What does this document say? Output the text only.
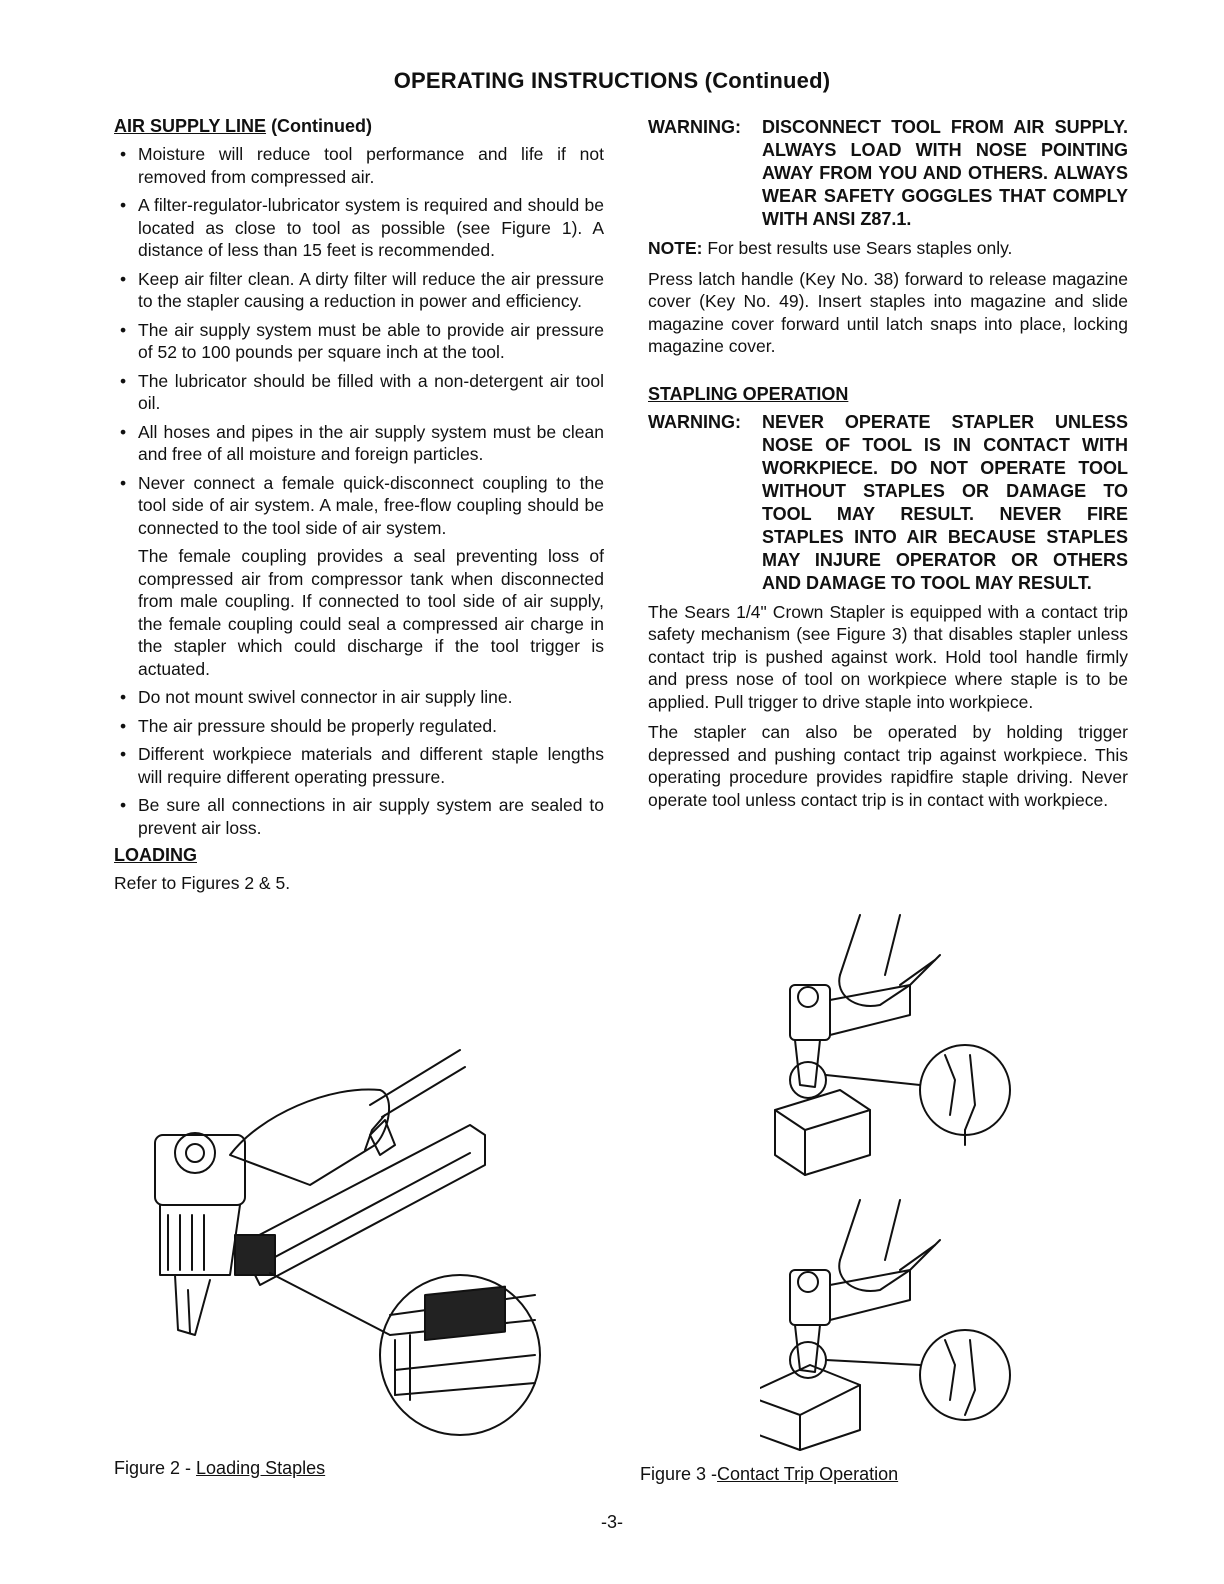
OPERATING INSTRUCTIONS (Continued)
AIR SUPPLY LINE (Continued)
• Moisture will reduce tool performance and life if not removed from compressed air.
• A filter-regulator-lubricator system is required and should be located as close to tool as possible (see Figure 1). A distance of less than 15 feet is recommended.
• Keep air filter clean. A dirty filter will reduce the air pressure to the stapler causing a reduction in power and efficiency.
• The air supply system must be able to provide air pressure of 52 to 100 pounds per square inch at the tool.
• The lubricator should be filled with a non-detergent air tool oil.
• All hoses and pipes in the air supply system must be clean and free of all moisture and foreign particles.
• Never connect a female quick-disconnect coupling to the tool side of air system. A male, free-flow coupling should be connected to the tool side of air system.
The female coupling provides a seal preventing loss of compressed air from compressor tank when disconnected from male coupling. If connected to tool side of air supply, the female coupling could seal a compressed air charge in the stapler which could discharge if the tool trigger is actuated.
• Do not mount swivel connector in air supply line.
• The air pressure should be properly regulated.
• Different workpiece materials and different staple lengths will require different operating pressure.
• Be sure all connections in air supply system are sealed to prevent air loss.
LOADING

Refer to Figures 2 & 5.

WARNING:	DISCONNECT TOOL FROM AIR SUPPLY. ALWAYS LOAD WITH NOSE POINTING AWAY FROM YOU AND OTHERS. ALWAYS WEAR SAFETY GOGGLES THAT COMPLY WITH ANSI Z87.1.

NOTE: For best results use Sears staples only.

Press latch handle (Key No. 38) forward to release magazine cover (Key No. 49). Insert staples into magazine and slide magazine cover forward until latch snaps into place, locking magazine cover.

STAPLING OPERATION
WARNING:	NEVER OPERATE STAPLER UNLESS NOSE OF TOOL IS IN CONTACT WITH WORKPIECE. DO NOT OPERATE TOOL WITHOUT STAPLES OR DAMAGE TO TOOL MAY RESULT. NEVER FIRE STAPLES INTO AIR BECAUSE STAPLES MAY INJURE OPERATOR OR OTHERS AND DAMAGE TO TOOL MAY RESULT.

The Sears 1/4" Crown Stapler is equipped with a contact trip safety mechanism (see Figure 3) that disables stapler unless contact trip is pushed against work. Hold tool handle firmly and press nose of tool on workpiece where staple is to be applied. Pull trigger to drive staple into workpiece.

The stapler can also be operated by holding trigger depressed and pushing contact trip against workpiece. This operating procedure provides rapidfire staple driving. Never operate tool unless contact trip is in contact with workpiece.

Figure 2 - Loading Staples	Figure 3 -Contact Trip Operation
-3-
